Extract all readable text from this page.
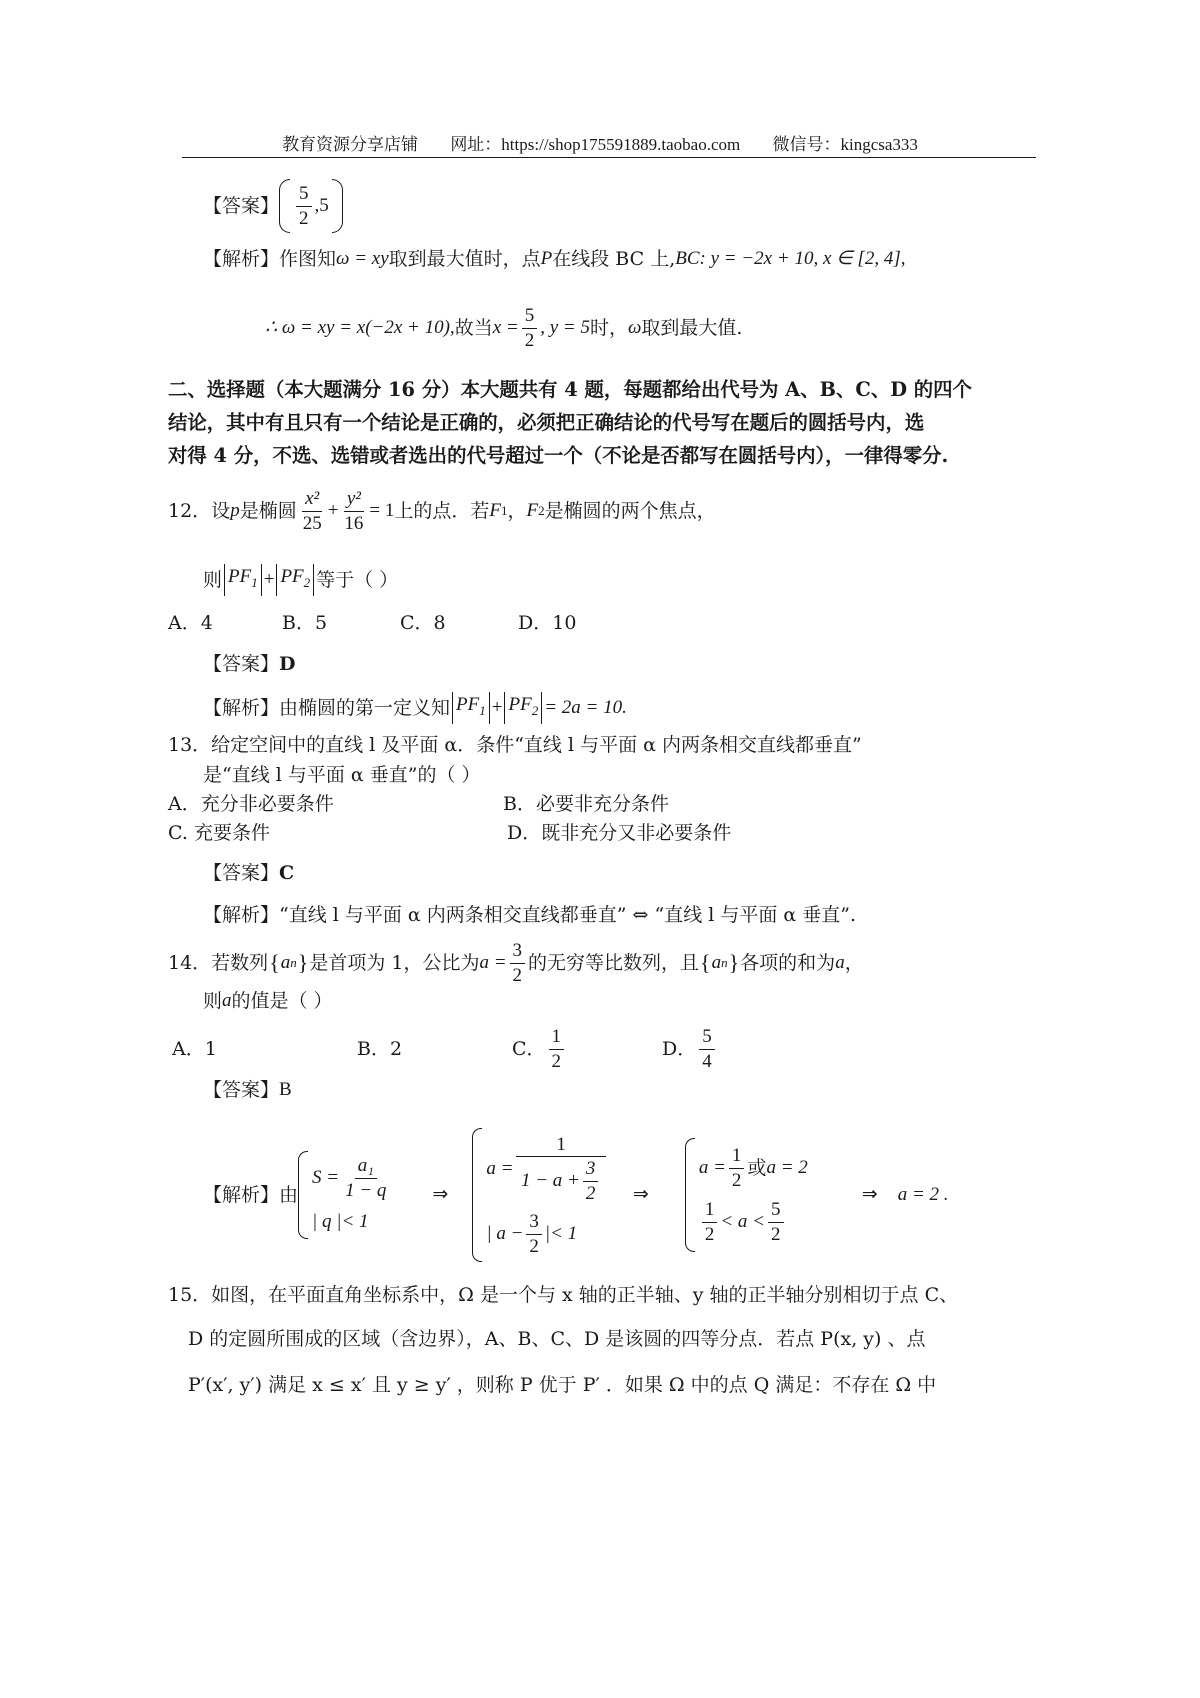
教育资源分享店铺 网址：https://shop175591889.taobao.com 微信号：kingcsa333
【答案】 $\frac{5}{2} ,5$
【解析】 作图知 ω = xy 取到最大值时，点 P 在线段 BC 上, BC : y = −2x + 10, x ∈ [2, 4],
∴ ω = xy = x(−2x + 10), 故当 $x = \frac{5}{2}$ , y = 5 时， ω 取到最大值.
二、选择题（本大题满分 16 分）本大题共有 4 题，每题都给出代号为 A、B、C、D 的四个
结论，其中有且只有一个结论是正确的，必须把正确结论的代号写在题后的圆括号内，选
对得 4 分，不选、选错或者选出的代号超过一个（不论是否都写在圆括号内），一律得零分.
12．设 p 是椭圆 $\frac{\text{x²}}{25} + \frac{\text{y²}}{16} = 1$ 上的点．若 F 1 ， F 2 是椭圆的两个焦点，
则 $PF_1 + PF_2$ 等于（ ）
A．4	B．5	C．8	D．10
【答案】 D
【解析】 由椭圆的第一定义知 $PF_1 + PF_2 = 2a = 10$.
13．给定空间中的直线 l 及平面 α．条件“直线 l 与平面 α 内两条相交直线都垂直”
是“直线 l 与平面 α 垂直”的（ ）
A．充分非必要条件	B．必要非充分条件
C. 充要条件	D．既非充分又非必要条件
【答案】 C
【解析】“直线 l 与平面 α 内两条相交直线都垂直” ⇔ “直线 l 与平面 α 垂直”.
14．若数列 { a n } 是首项为 1，公比为 $a = \frac{3}{2}$ 的无穷等比数列，且 { a n } 各项的和为 a ，
则 a 的值是（ ）
A．1	B．2	C． $\frac{1}{2}$	D． $\frac{5}{4}$
【答案】 B
【解析】由
$S = \frac{\text{a₁}}{1 - q}$
| q |< 1
⇒
$a = \frac{1}{1 - a + \frac{3}{2}}$
| $a - \frac{3}{2}$ |< 1
⇒
$a = \frac{1}{2}$ 或 a = 2
$\frac{1}{2} < a < \frac{5}{2}$
⇒ a = 2 .
15．如图，在平面直角坐标系中，Ω 是一个与 x 轴的正半轴、y 轴的正半轴分别相切于点 C、
D 的定圆所围成的区域（含边界），A、B、C、D 是该圆的四等分点．若点 P(x, y) 、点
P′(x′, y′) 满足 x ≤ x′ 且 y ≥ y′ ，则称 P 优于 P′ ．如果 Ω 中的点 Q 满足：不存在 Ω 中
